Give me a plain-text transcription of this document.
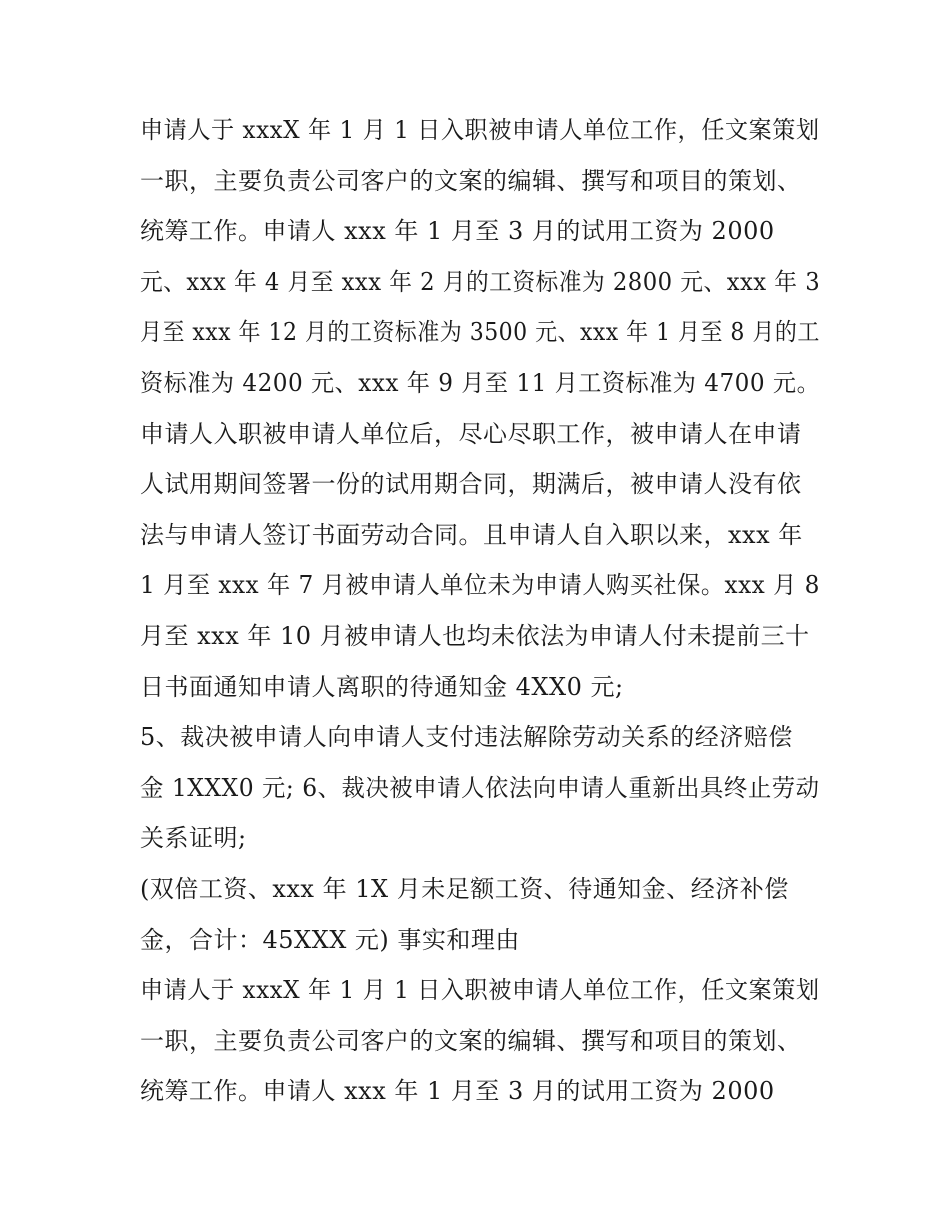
申请人于 xxxX 年 1 月 1 日入职被申请人单位工作，任文案策划
一职，主要负责公司客户的文案的编辑、撰写和项目的策划、
统筹工作。申请人 xxx 年 1 月至 3 月的试用工资为 2000
元、xxx 年 4 月至 xxx 年 2 月的工资标准为 2800 元、xxx 年 3
月至 xxx 年 12 月的工资标准为 3500 元、xxx 年 1 月至 8 月的工
资标准为 4200 元、xxx 年 9 月至 11 月工资标准为 4700 元。
申请人入职被申请人单位后，尽心尽职工作，被申请人在申请
人试用期间签署一份的试用期合同，期满后，被申请人没有依
法与申请人签订书面劳动合同。且申请人自入职以来，xxx 年
1 月至 xxx 年 7 月被申请人单位未为申请人购买社保。xxx 月 8
月至 xxx 年 10 月被申请人也均未依法为申请人付未提前三十
日书面通知申请人离职的待通知金 4XX0 元;
5、裁决被申请人向申请人支付违法解除劳动关系的经济赔偿
金 1XXX0 元; 6、裁决被申请人依法向申请人重新出具终止劳动
关系证明;
(双倍工资、xxx 年 1X 月未足额工资、待通知金、经济补偿
金，合计：45XXX 元) 事实和理由
申请人于 xxxX 年 1 月 1 日入职被申请人单位工作，任文案策划
一职，主要负责公司客户的文案的编辑、撰写和项目的策划、
统筹工作。申请人 xxx 年 1 月至 3 月的试用工资为 2000
